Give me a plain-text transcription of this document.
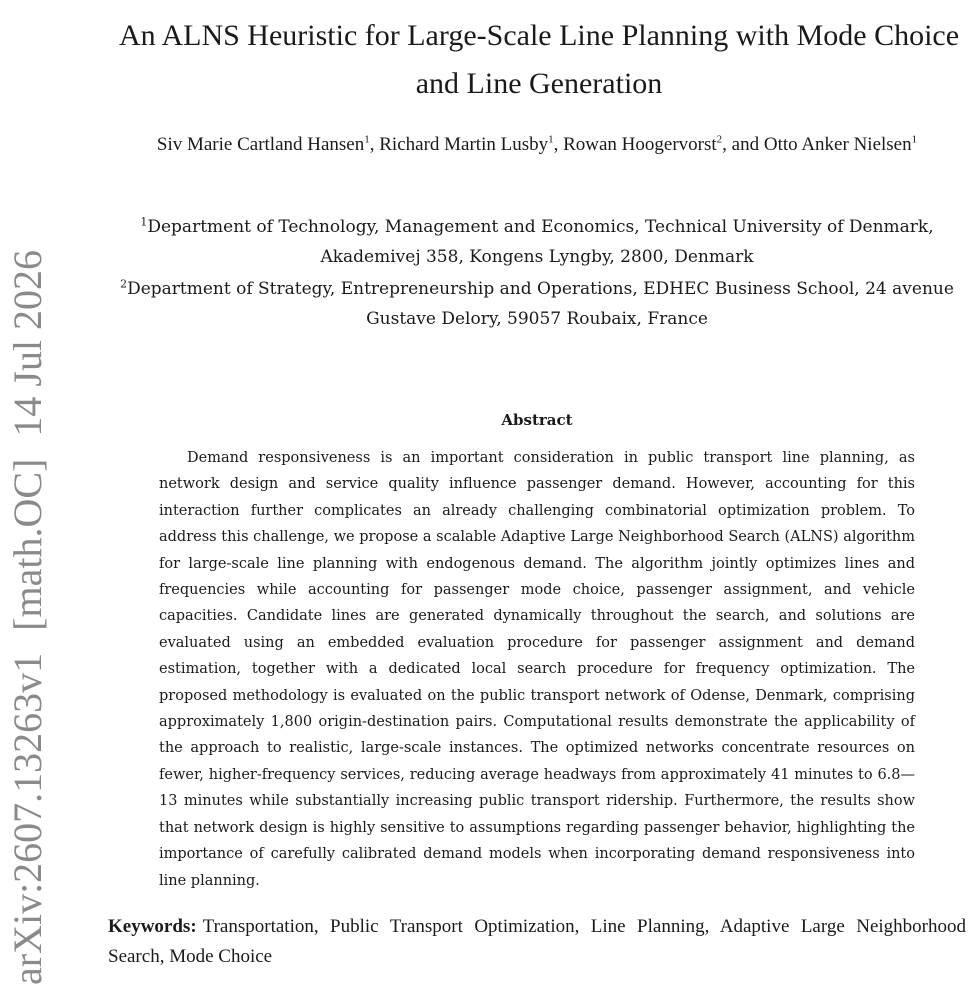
arXiv:2607.13263v1[math.OC]14 Jul 2026
An ALNS Heuristic for Large-Scale Line Planning with Mode Choice
and Line Generation
Siv Marie Cartland Hansen$^1$, Richard Martin Lusby$^1$, Rowan Hoogervorst$^2$, and Otto Anker Nielsen$^1$
$^1$Department of Technology, Management and Economics, Technical University of Denmark, Akademivej 358, Kongens Lyngby, 2800, Denmark
$^2$Department of Strategy, Entrepreneurship and Operations, EDHEC Business School, 24 avenue Gustave Delory, 59057 Roubaix, France
Abstract

Demand responsiveness is an important consideration in public transport line planning, as network design and service quality influence passenger demand. However, accounting for this interaction further complicates an already challenging combinatorial optimization problem. To address this challenge, we propose a scalable Adaptive Large Neighborhood Search (ALNS) algorithm for large-scale line planning with endogenous demand. The algorithm jointly optimizes lines and frequencies while accounting for passenger mode choice, passenger assignment, and vehicle capacities. Candidate lines are generated dynamically throughout the search, and solutions are evaluated using an embedded evaluation procedure for passenger assignment and demand estimation, together with a dedicated local search procedure for frequency optimization. The proposed methodology is evaluated on the public transport network of Odense, Denmark, comprising approximately 1,800 origin-destination pairs. Computational results demonstrate the applicability of the approach to realistic, large-scale instances. The optimized networks concentrate resources on fewer, higher-frequency services, reducing average headways from approximately 41 minutes to 6.8—13 minutes while substantially increasing public transport ridership. Furthermore, the results show that network design is highly sensitive to assumptions regarding passenger behavior, highlighting the importance of carefully calibrated demand models when incorporating demand responsiveness into line planning.

Keywords: Transportation, Public Transport Optimization, Line Planning, Adaptive Large Neighborhood Search, Mode Choice
